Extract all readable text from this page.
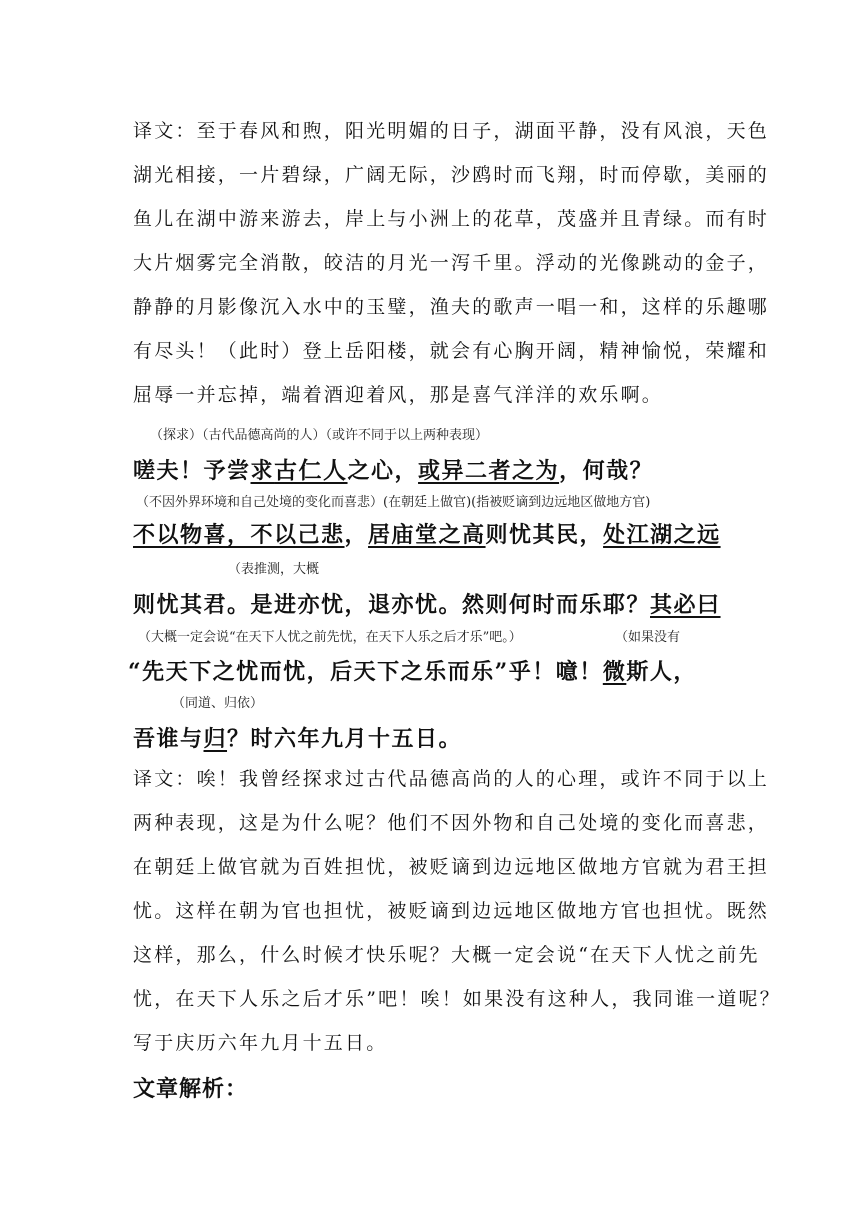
译文：至于春风和煦，阳光明媚的日子，湖面平静，没有风浪，天色
湖光相接，一片碧绿，广阔无际，沙鸥时而飞翔，时而停歇，美丽的
鱼儿在湖中游来游去，岸上与小洲上的花草，茂盛并且青绿。而有时
大片烟雾完全消散，皎洁的月光一泻千里。浮动的光像跳动的金子，
静静的月影像沉入水中的玉璧，渔夫的歌声一唱一和，这样的乐趣哪
有尽头！（此时）登上岳阳楼，就会有心胸开阔，精神愉悦，荣耀和
屈辱一并忘掉，端着酒迎着风，那是喜气洋洋的欢乐啊。
（探求）（古代品德高尚的人）（或许不同于以上两种表现）
嗟夫！予尝求古仁人之心，或异二者之为，何哉？
（不因外界环境和自己处境的变化而喜悲）(在朝廷上做官)(指被贬谪到边远地区做地方官)
不以物喜，不以己悲，居庙堂之高则忧其民，处江湖之远
（表推测，大概
则忧其君。是进亦忧，退亦忧。然则何时而乐耶？其必曰
（大概一定会说“在天下人忧之前先忧，在天下人乐之后才乐”吧。）	（如果没有
“先天下之忧而忧，后天下之乐而乐”乎！噫！微斯人，
（同道、归依）
吾谁与归？时六年九月十五日。
译文：唉！我曾经探求过古代品德高尚的人的心理，或许不同于以上
两种表现，这是为什么呢？他们不因外物和自己处境的变化而喜悲，
在朝廷上做官就为百姓担忧，被贬谪到边远地区做地方官就为君王担
忧。这样在朝为官也担忧，被贬谪到边远地区做地方官也担忧。既然
这样，那么，什么时候才快乐呢？大概一定会说“在天下人忧之前先
忧，在天下人乐之后才乐”吧！唉！如果没有这种人，我同谁一道呢？
写于庆历六年九月十五日。
文章解析：
